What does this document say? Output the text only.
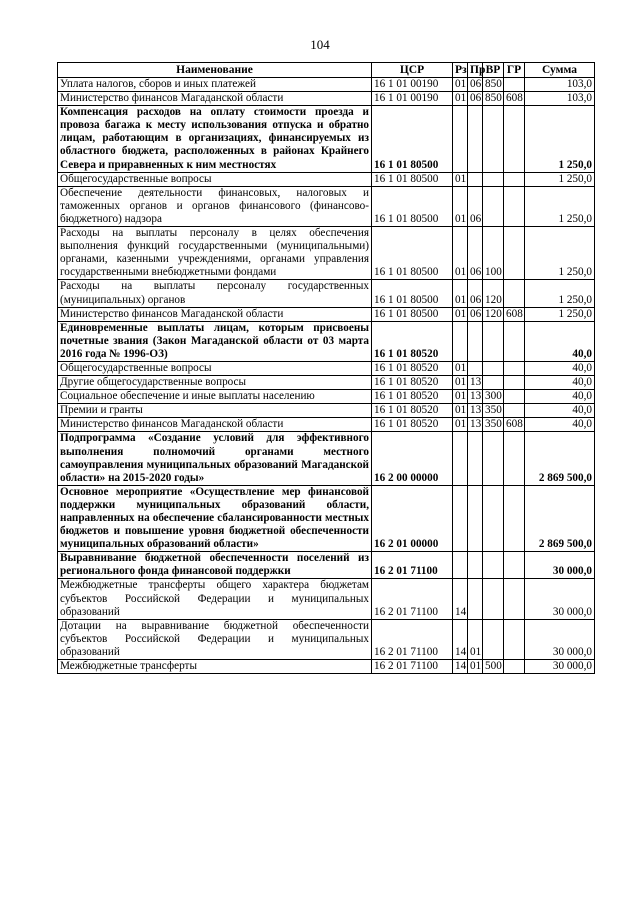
104
Наименование	ЦСР	Рз	Пр	ВР	ГР	Сумма
Уплата налогов, сборов и иных платежей	16 1 01 00190	01	06	850		103,0
Министерство финансов Магаданской области	16 1 01 00190	01	06	850	608	103,0
Компенсация расходов на оплату стоимости проезда и провоза багажа к месту использования отпуска и обратно лицам, работающим в организациях, финансируемых из областного бюджета, расположенных в районах Крайнего Севера и приравненных к ним местностях	16 1 01 80500					1 250,0
Общегосударственные вопросы	16 1 01 80500	01				1 250,0
Обеспечение деятельности финансовых, налоговых и таможенных органов и органов финансового (финансово-бюджетного) надзора	16 1 01 80500	01	06			1 250,0
Расходы на выплаты персоналу в целях обеспечения выполнения функций государственными (муниципальными) органами, казенными учреждениями, органами управления государственными внебюджетными фондами	16 1 01 80500	01	06	100		1 250,0
Расходы на выплаты персоналу государственных (муниципальных) органов	16 1 01 80500	01	06	120		1 250,0
Министерство финансов Магаданской области	16 1 01 80500	01	06	120	608	1 250,0
Единовременные выплаты лицам, которым присвоены почетные звания (Закон Магаданской области от 03 марта 2016 года № 1996-ОЗ)	16 1 01 80520					40,0
Общегосударственные вопросы	16 1 01 80520	01				40,0
Другие общегосударственные вопросы	16 1 01 80520	01	13			40,0
Социальное обеспечение и иные выплаты населению	16 1 01 80520	01	13	300		40,0
Премии и гранты	16 1 01 80520	01	13	350		40,0
Министерство финансов Магаданской области	16 1 01 80520	01	13	350	608	40,0
Подпрограмма «Создание условий для эффективного выполнения полномочий органами местного самоуправления муниципальных образований Магаданской области» на 2015-2020 годы»	16 2 00 00000					2 869 500,0
Основное мероприятие «Осуществление мер финансовой поддержки муниципальных образований области, направленных на обеспечение сбалансированности местных бюджетов и повышение уровня бюджетной обеспеченности муниципальных образований области»	16 2 01 00000					2 869 500,0
Выравнивание бюджетной обеспеченности поселений из регионального фонда финансовой поддержки	16 2 01 71100					30 000,0
Межбюджетные трансферты общего характера бюджетам субъектов Российской Федерации и муниципальных образований	16 2 01 71100	14				30 000,0
Дотации на выравнивание бюджетной обеспеченности субъектов Российской Федерации и муниципальных образований	16 2 01 71100	14	01			30 000,0
Межбюджетные трансферты	16 2 01 71100	14	01	500		30 000,0
